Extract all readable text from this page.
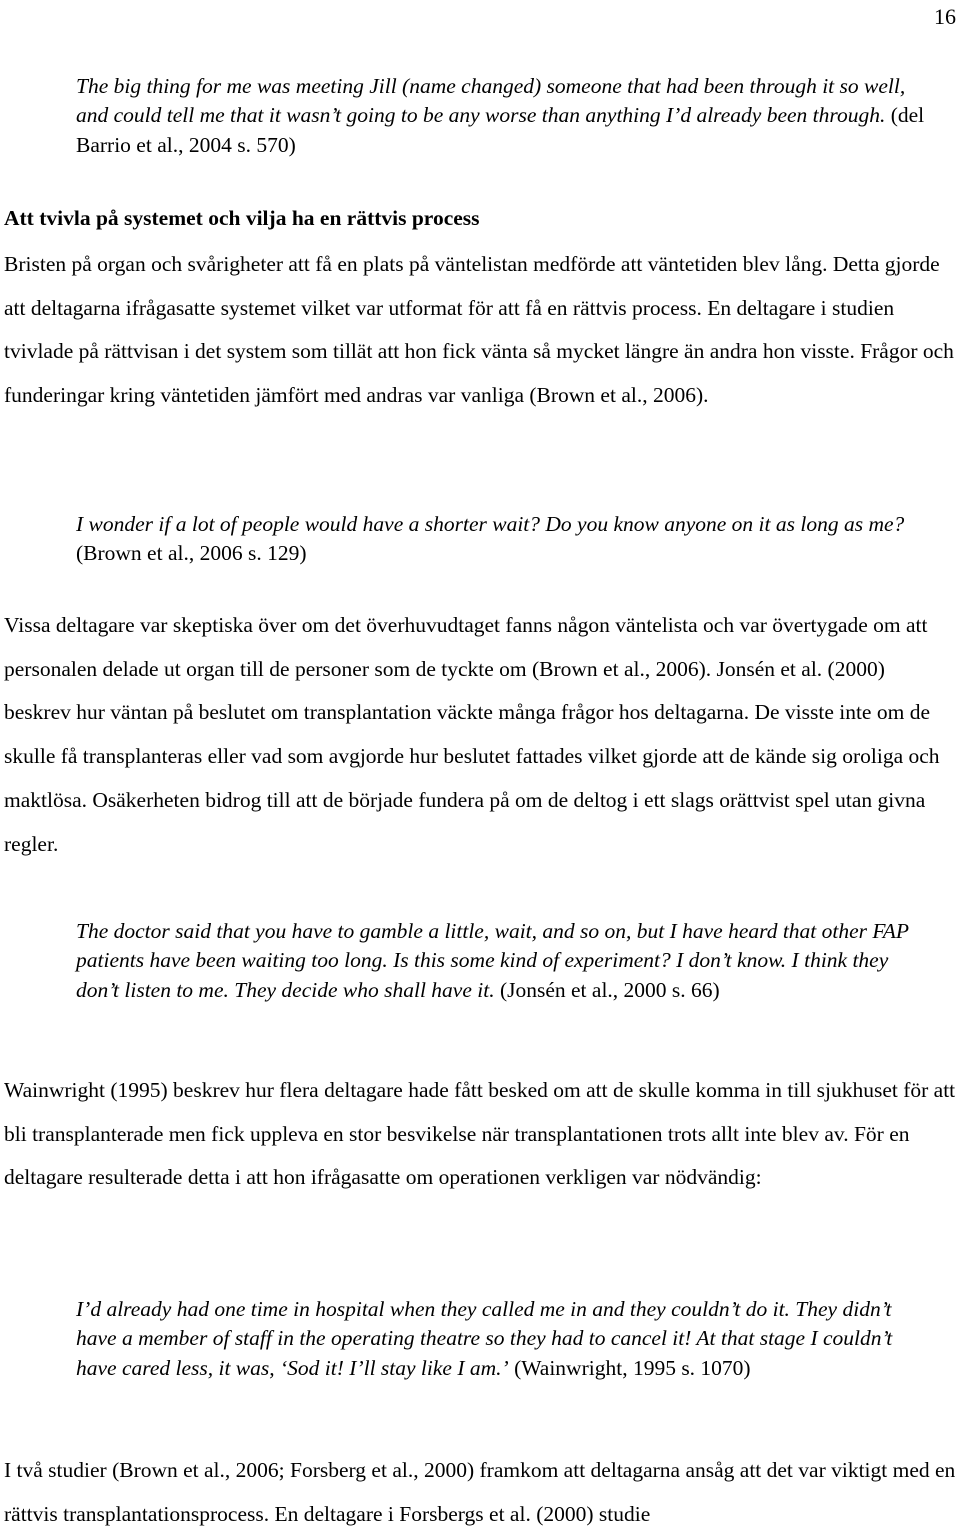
16

The big thing for me was meeting Jill (name changed) someone that had been through it so well, and could tell me that it wasn’t going to be any worse than anything I’d already been through. (del Barrio et al., 2004 s. 570)

Att tvivla på systemet och vilja ha en rättvis process

Bristen på organ och svårigheter att få en plats på väntelistan medförde att väntetiden blev lång. Detta gjorde att deltagarna ifrågasatte systemet vilket var utformat för att få en rättvis process. En deltagare i studien tvivlade på rättvisan i det system som tillät att hon fick vänta så mycket längre än andra hon visste. Frågor och funderingar kring väntetiden jämfört med andras var vanliga (Brown et al., 2006).

I wonder if a lot of people would have a shorter wait? Do you know anyone on it as long as me? (Brown et al., 2006 s. 129)

Vissa deltagare var skeptiska över om det överhuvudtaget fanns någon väntelista och var övertygade om att personalen delade ut organ till de personer som de tyckte om (Brown et al., 2006). Jonsén et al. (2000) beskrev hur väntan på beslutet om transplantation väckte många frågor hos deltagarna. De visste inte om de skulle få transplanteras eller vad som avgjorde hur beslutet fattades vilket gjorde att de kände sig oroliga och maktlösa. Osäkerheten bidrog till att de började fundera på om de deltog i ett slags orättvist spel utan givna regler.

The doctor said that you have to gamble a little, wait, and so on, but I have heard that other FAP patients have been waiting too long. Is this some kind of experiment? I don’t know. I think they don’t listen to me. They decide who shall have it. (Jonsén et al., 2000 s. 66)

Wainwright (1995) beskrev hur flera deltagare hade fått besked om att de skulle komma in till sjukhuset för att bli transplanterade men fick uppleva en stor besvikelse när transplantationen trots allt inte blev av. För en deltagare resulterade detta i att hon ifrågasatte om operationen verkligen var nödvändig:

I’d already had one time in hospital when they called me in and they couldn’t do it. They didn’t have a member of staff in the operating theatre so they had to cancel it! At that stage I couldn’t have cared less, it was, ‘Sod it! I’ll stay like I am.’ (Wainwright, 1995 s. 1070)

I två studier (Brown et al., 2006; Forsberg et al., 2000) framkom att deltagarna ansåg att det var viktigt med en rättvis transplantationsprocess. En deltagare i Forsbergs et al. (2000) studie
